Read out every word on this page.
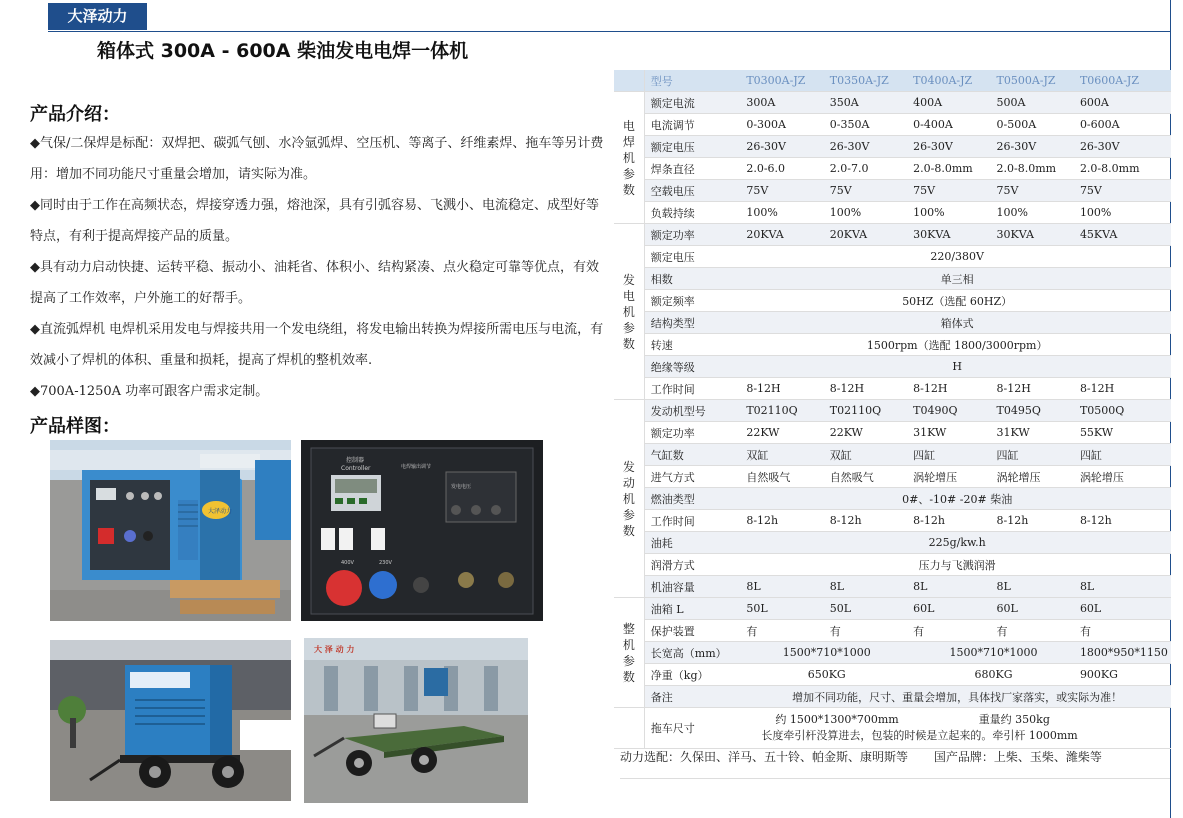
大泽动力
箱体式 300A - 600A 柴油发电电焊一体机
产品介绍：
◆气保/二保焊是标配：双焊把、碳弧气刨、水冷氩弧焊、空压机、等离子、纤维素焊、拖车等另计费用：增加不同功能尺寸重量会增加，请实际为准。
◆同时由于工作在高频状态，焊接穿透力强，熔池深，具有引弧容易、飞溅小、电流稳定、成型好等特点，有利于提高焊接产品的质量。
◆具有动力启动快捷、运转平稳、振动小、油耗省、体积小、结构紧凑、点火稳定可靠等优点，有效提高了工作效率，户外施工的好帮手。
◆直流弧焊机 电焊机采用发电与焊接共用一个发电绕组，将发电输出转换为焊接所需电压与电流，有效减小了焊机的体积、重量和损耗，提高了焊机的整机效率.
◆700A-1250A 功率可跟客户需求定制。
产品样图：
大泽动力
控制器
Controller	电焊输出调节
发电电压
400V	230V
大 泽 动 力
	型号	T0300A-JZ	T0350A-JZ	T0400A-JZ	T0500A-JZ	T0600A-JZ
电
焊
机
参
数	额定电流	300A	350A	400A	500A	600A
	电流调节	0-300A	0-350A	0-400A	0-500A	0-600A
	额定电压	26-30V	26-30V	26-30V	26-30V	26-30V
	焊条直径	2.0-6.0	2.0-7.0	2.0-8.0mm	2.0-8.0mm	2.0-8.0mm
	空载电压	75V	75V	75V	75V	75V
	负载持续	100%	100%	100%	100%	100%
发
电
机
参
数	额定功率	20KVA	20KVA	30KVA	30KVA	45KVA
	额定电压	220/380V				
	相数	单三相				
	额定频率	50HZ（选配 60HZ）				
	结构类型	箱体式				
	转速	1500rpm（选配 1800/3000rpm）				
	绝缘等级	H				
	工作时间	8-12H	8-12H	8-12H	8-12H	8-12H
发
动
机
参
数	发动机型号	T02110Q	T02110Q	T0490Q	T0495Q	T0500Q
	额定功率	22KW	22KW	31KW	31KW	55KW
	气缸数	双缸	双缸	四缸	四缸	四缸
	进气方式	自然吸气	自然吸气	涡轮增压	涡轮增压	涡轮增压
	燃油类型	0#、-10# -20# 柴油				
	工作时间	8-12h	8-12h	8-12h	8-12h	8-12h
	油耗	225g/kw.h				
	润滑方式	压力与飞溅润滑				
	机油容量	8L	8L	8L	8L	8L
整
机
参
数	油箱 L	50L	50L	60L	60L	60L
	保护装置	有	有	有	有	有
	长宽高（mm）	1500*710*1000		1500*710*1000		1800*950*1150
	净重（kg）	650KG		680KG		900KG
	备注	增加不同功能，尺寸、重量会增加，具体找厂家落实，或实际为准！				
	拖车尺寸	约 1500*1300*700mm 重量约 350kg
长度牵引杆没算进去，包装的时候是立起来的。牵引杆 1000mm				
动力选配：久保田、洋马、五十铃、帕金斯、康明斯等 国产品牌：上柴、玉柴、潍柴等
